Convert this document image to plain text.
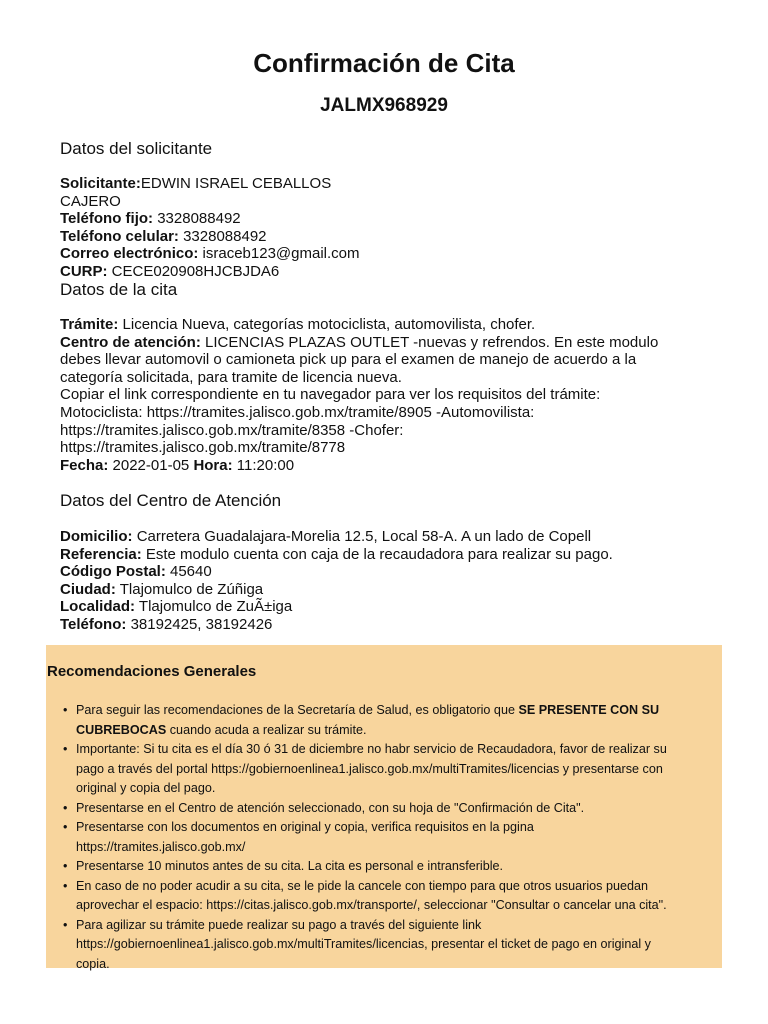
Confirmación de Cita
JALMX968929
Datos del solicitante
Solicitante:EDWIN ISRAEL CEBALLOS
CAJERO
Teléfono fijo: 3328088492
Teléfono celular: 3328088492
Correo electrónico: israceb123@gmail.com
CURP: CECE020908HJCBJDA6
Datos de la cita
Trámite: Licencia Nueva, categorías motociclista, automovilista, chofer.
Centro de atención: LICENCIAS PLAZAS OUTLET -nuevas y refrendos. En este modulo
debes llevar automovil o camioneta pick up para el examen de manejo de acuerdo a la
categoría solicitada, para tramite de licencia nueva.
Copiar el link correspondiente en tu navegador para ver los requisitos del trámite:
Motociclista: https://tramites.jalisco.gob.mx/tramite/8905 -Automovilista:
https://tramites.jalisco.gob.mx/tramite/8358 -Chofer:
https://tramites.jalisco.gob.mx/tramite/8778
Fecha: 2022-01-05 Hora: 11:20:00
Datos del Centro de Atención
Domicilio: Carretera Guadalajara-Morelia 12.5, Local 58-A. A un lado de Copell
Referencia: Este modulo cuenta con caja de la recaudadora para realizar su pago.
Código Postal: 45640
Ciudad: Tlajomulco de Zúñiga
Localidad: Tlajomulco de ZuÃ±iga
Teléfono: 38192425, 38192426
Recomendaciones Generales
• Para seguir las recomendaciones de la Secretaría de Salud, es obligatorio que SE PRESENTE CON SU
CUBREBOCAS cuando acuda a realizar su trámite.
• Importante: Si tu cita es el día 30 ó 31 de diciembre no habr servicio de Recaudadora, favor de realizar su
pago a través del portal https://gobiernoenlinea1.jalisco.gob.mx/multiTramites/licencias y presentarse con
original y copia del pago.
• Presentarse en el Centro de atención seleccionado, con su hoja de "Confirmación de Cita".
• Presentarse con los documentos en original y copia, verifica requisitos en la pgina
https://tramites.jalisco.gob.mx/
• Presentarse 10 minutos antes de su cita. La cita es personal e intransferible.
• En caso de no poder acudir a su cita, se le pide la cancele con tiempo para que otros usuarios puedan
aprovechar el espacio: https://citas.jalisco.gob.mx/transporte/, seleccionar "Consultar o cancelar una cita".
• Para agilizar su trámite puede realizar su pago a través del siguiente link
https://gobiernoenlinea1.jalisco.gob.mx/multiTramites/licencias, presentar el ticket de pago en original y
copia.
